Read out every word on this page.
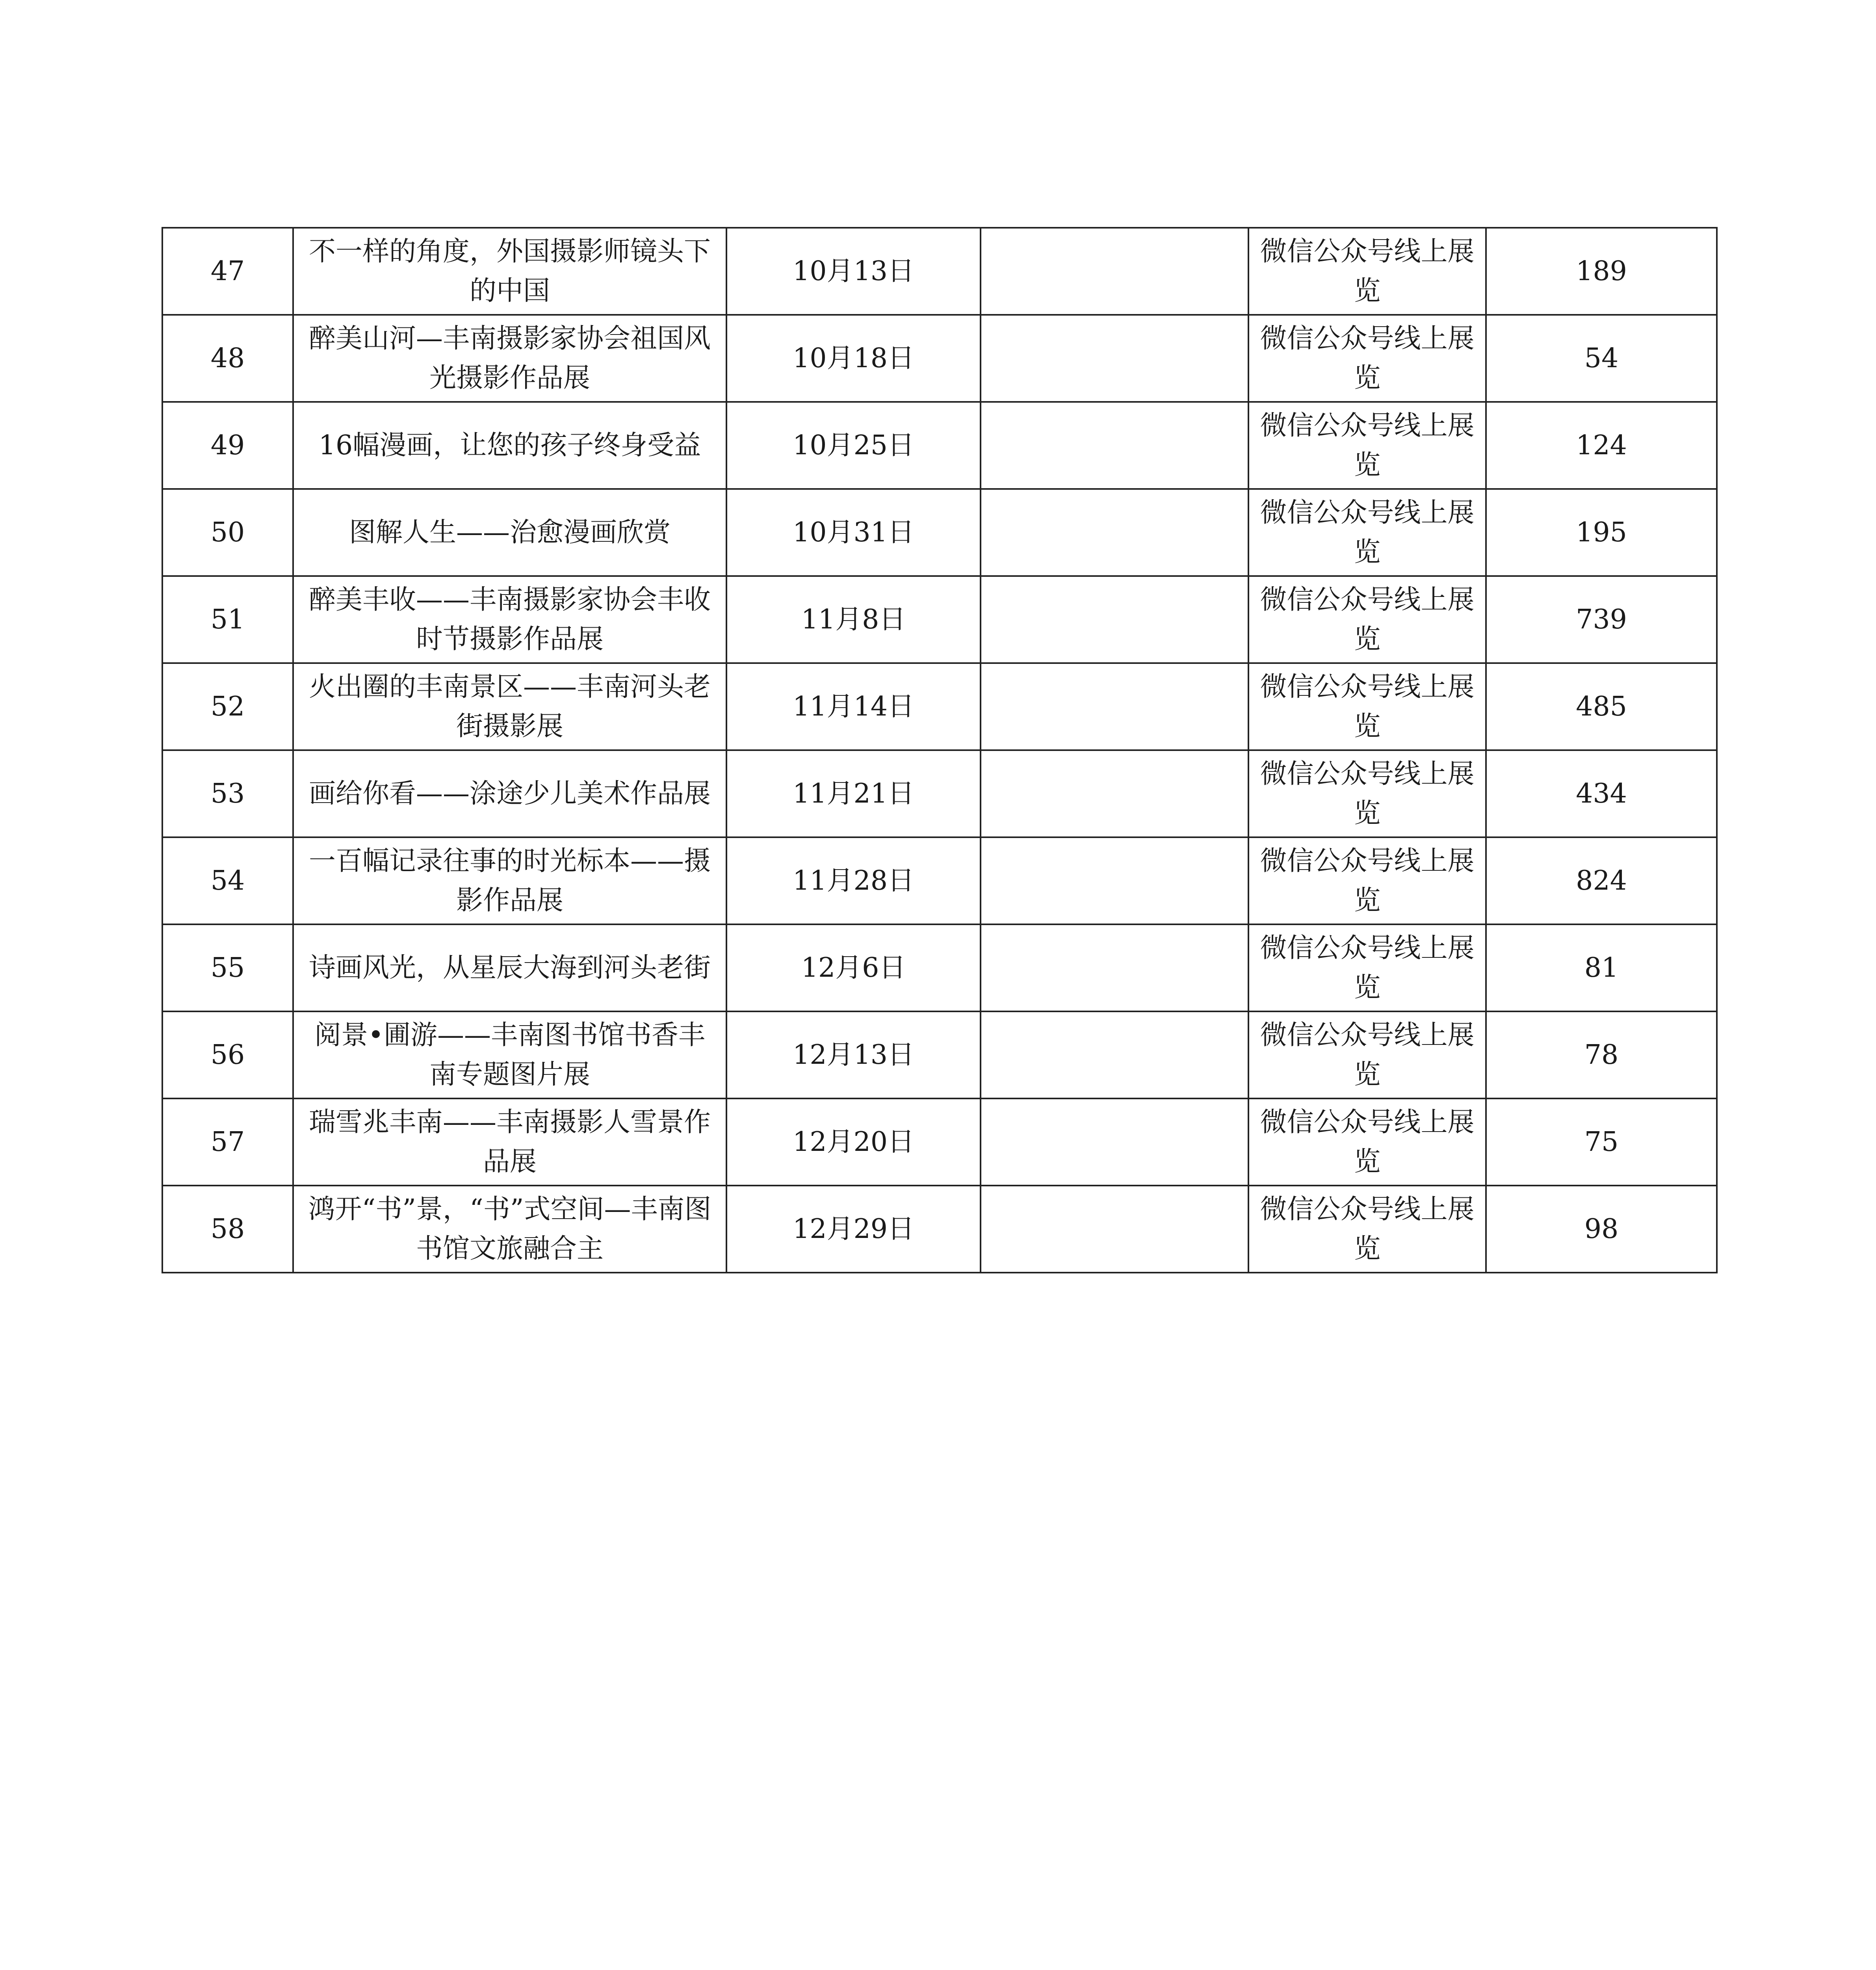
47	不一样的角度，外国摄影师镜头下的中国	10月13日		微信公众号线上展览	189

48	醉美山河—丰南摄影家协会祖国风光摄影作品展	10月18日		微信公众号线上展览	54

49	16幅漫画，让您的孩子终身受益	10月25日		微信公众号线上展览	124

50	图解人生——治愈漫画欣赏	10月31日		微信公众号线上展览	195

51	醉美丰收——丰南摄影家协会丰收时节摄影作品展	11月8日		微信公众号线上展览	739

52	火出圈的丰南景区——丰南河头老街摄影展	11月14日		微信公众号线上展览	485

53	画给你看——涂途少儿美术作品展	11月21日		微信公众号线上展览	434

54	一百幅记录往事的时光标本——摄影作品展	11月28日		微信公众号线上展览	824

55	诗画风光，从星辰大海到河头老街	12月6日		微信公众号线上展览	81

56	阅景•圃游——丰南图书馆书香丰南专题图片展	12月13日		微信公众号线上展览	78

57	瑞雪兆丰南——丰南摄影人雪景作品展	12月20日		微信公众号线上展览	75

58	鸿开“书”景，“书”式空间—丰南图书馆文旅融合主	12月29日		微信公众号线上展览	98
